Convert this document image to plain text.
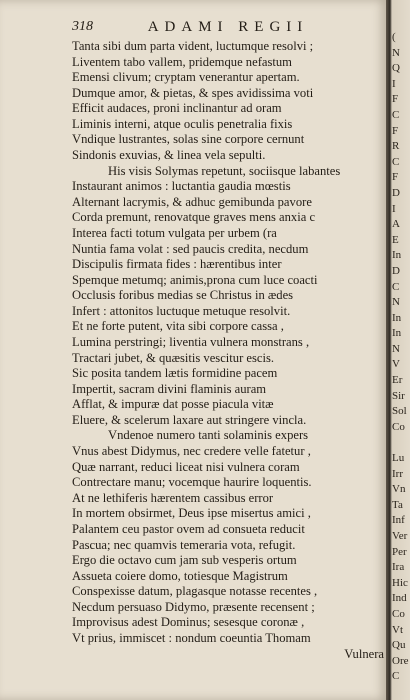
318	ADAMI REGII
Tanta sibi dum parta vident, luctumque resolvi ;
Liventem tabo vallem, pridemque nefastum
Emensi clivum; cryptam venerantur apertam.
Dumque amor, & pietas, & spes avidissima voti
Efficit audaces, proni inclinantur ad oram
Liminis interni, atque oculis penetralia fixis
Vndique lustrantes, solas sine corpore cernunt
Sindonis exuvias, & linea vela sepulti.
His visis Solymas repetunt, sociisque labantes
Instaurant animos : luctantia gaudia mœstis
Alternant lacrymis, & adhuc gemibunda pavore
Corda premunt, renovatque graves mens anxia c
Interea facti totum vulgata per urbem (ra
Nuntia fama volat : sed paucis credita, necdum
Discipulis firmata fides : hærentibus inter
Spemque metumq; animis,prona cum luce coacti
Occlusis foribus medias se Christus in ædes
Infert : attonitos luctuque metuque resolvit.
Et ne forte putent, vita sibi corpore cassa ,
Lumina perstringi; liventia vulnera monstrans ,
Tractari jubet, & quæsitis vescitur escis.
Sic posita tandem lætis formidine pacem
Impertit, sacram divini flaminis auram
Afflat, & impuræ dat posse piacula vitæ
Eluere, & scelerum laxare aut stringere vincla.
Vndenoe numero tanti solaminis expers
Vnus abest Didymus, nec credere velle fatetur ,
Quæ narrant, reduci liceat nisi vulnera coram
Contrectare manu; vocemque haurire loquentis.
At ne lethiferis hærentem cassibus error
In mortem obsirmet, Deus ipse misertus amici ,
Palantem ceu pastor ovem ad consueta reducit
Pascua; nec quamvis temeraria vota, refugit.
Ergo die octavo cum jam sub vesperis ortum
Assueta coiere domo, totiesque Magistrum
Conspexisse datum, plagasque notasse recentes ,
Necdum persuaso Didymo, præsente recensent ;
Improvisus adest Dominus; sesesque coronæ ,
Vt prius, immiscet : nondum coeuntia Thomam
Vulnera
(
N
Q
I
F
C
F
R
C
F
D
I
A
E
In
D
C
N
In
In
N
V
Er
Sir
Sol
Co
Lu
Irr
Vn
Ta
Inf
Ver
Per
Ira
Hic
Ind
Co
Vt
Qu
Ore
C
